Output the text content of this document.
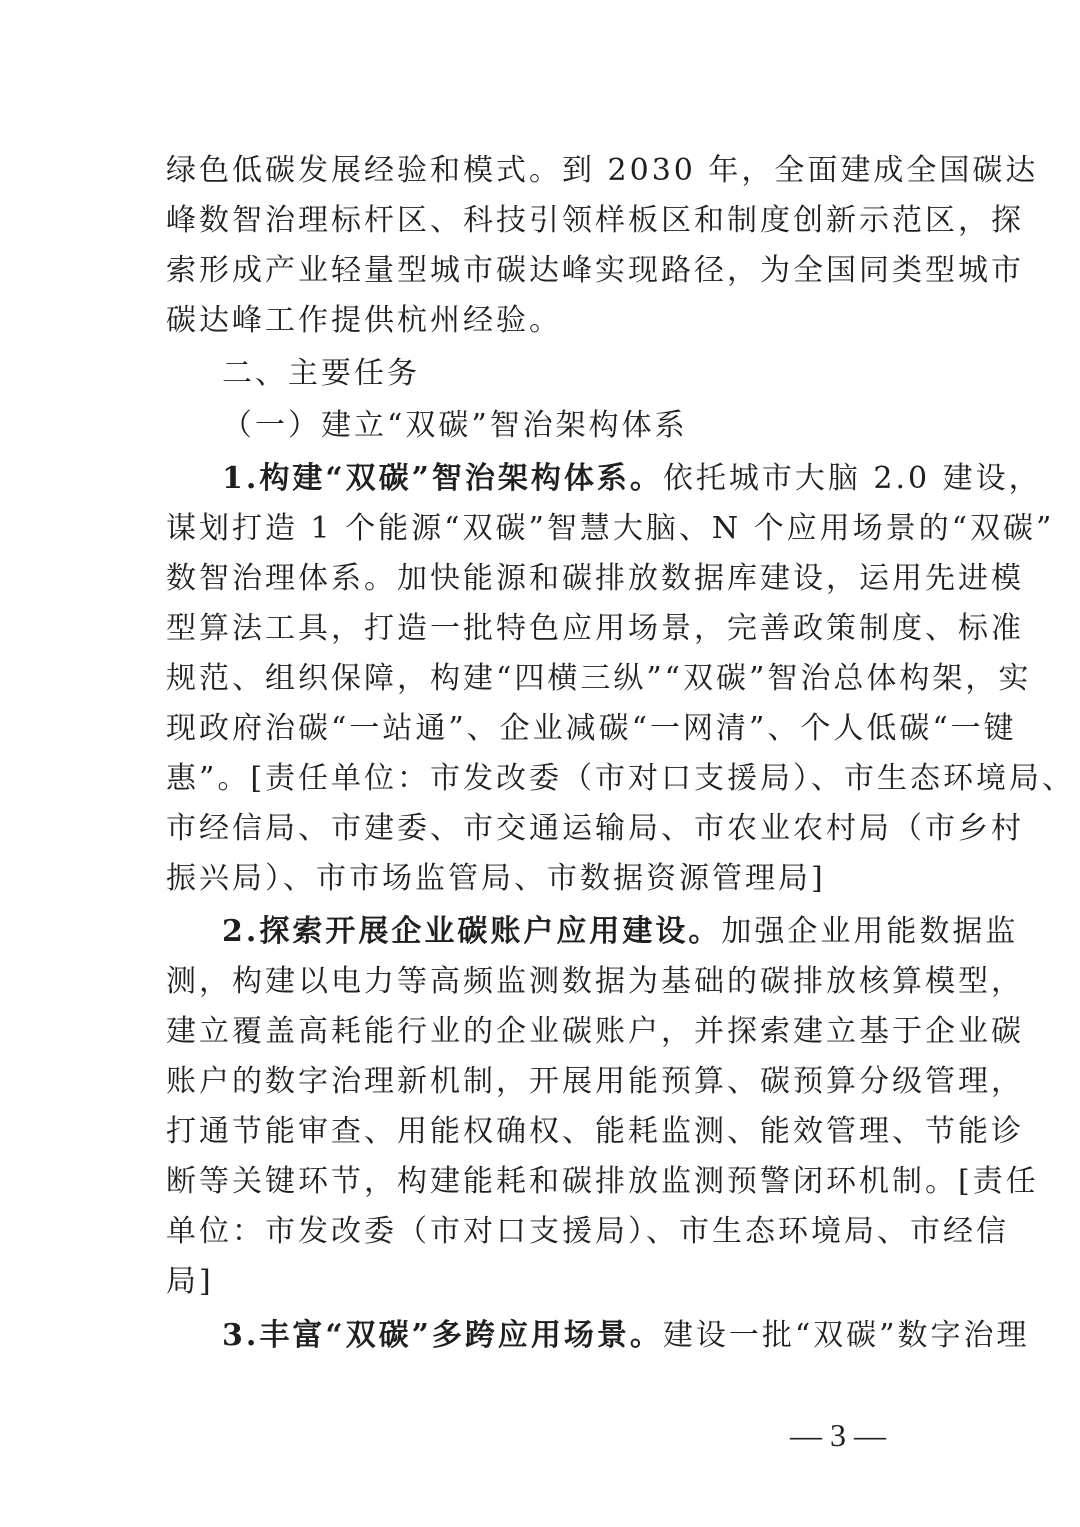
绿色低碳发展经验和模式。到 2030 年，全面建成全国碳达
峰数智治理标杆区、科技引领样板区和制度创新示范区，探
索形成产业轻量型城市碳达峰实现路径，为全国同类型城市
碳达峰工作提供杭州经验。
二、主要任务
（一）建立“双碳”智治架构体系
1.构建“双碳”智治架构体系。依托城市大脑 2.0 建设，
谋划打造 1 个能源“双碳”智慧大脑、N 个应用场景的“双碳”
数智治理体系。加快能源和碳排放数据库建设，运用先进模
型算法工具，打造一批特色应用场景，完善政策制度、标准
规范、组织保障，构建“四横三纵”“双碳”智治总体构架，实
现政府治碳“一站通”、企业减碳“一网清”、个人低碳“一键
惠”。[责任单位：市发改委（市对口支援局）、市生态环境局、
市经信局、市建委、市交通运输局、市农业农村局（市乡村
振兴局）、市市场监管局、市数据资源管理局]
2.探索开展企业碳账户应用建设。加强企业用能数据监
测，构建以电力等高频监测数据为基础的碳排放核算模型，
建立覆盖高耗能行业的企业碳账户，并探索建立基于企业碳
账户的数字治理新机制，开展用能预算、碳预算分级管理，
打通节能审查、用能权确权、能耗监测、能效管理、节能诊
断等关键环节，构建能耗和碳排放监测预警闭环机制。[责任
单位：市发改委（市对口支援局）、市生态环境局、市经信
局]
3.丰富“双碳”多跨应用场景。建设一批“双碳”数字治理
— 3 —
